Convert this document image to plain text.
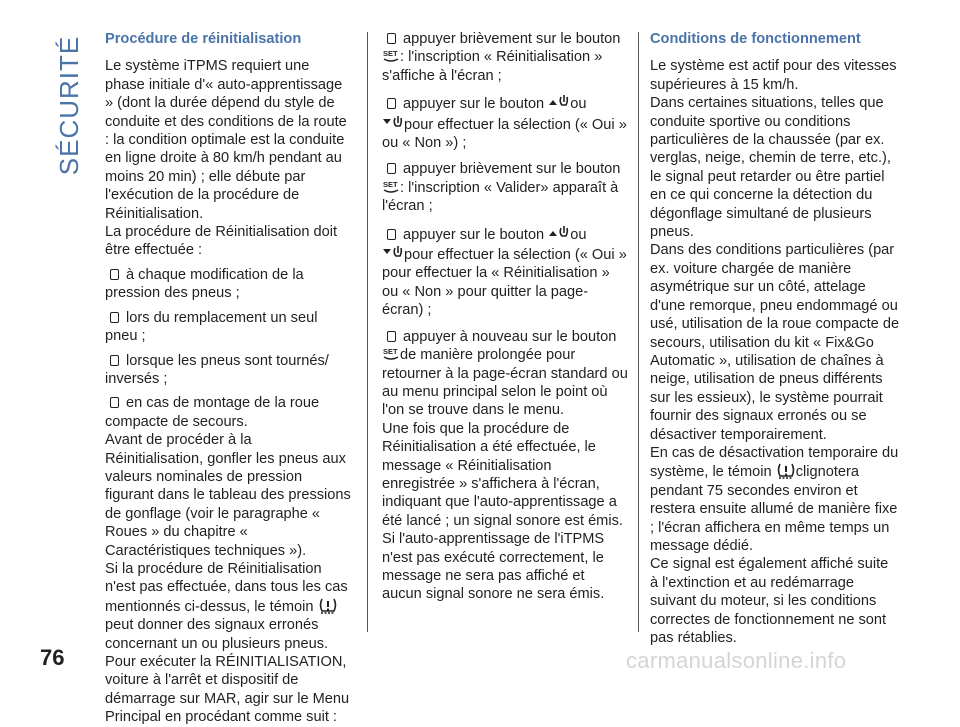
SÉCURITÉ Procédure de réinitialisation

Le système iTPMS requiert une phase initiale d'« auto-apprentissage » (dont la durée dépend du style de conduite et des conditions de la route : la condition optimale est la conduite en ligne droite à 80 km/h pendant au moins 20 min) ; elle débute par l'exécution de la procédure de Réinitialisation.

La procédure de Réinitialisation doit être effectuée :

à chaque modification de la pression des pneus ;

lors du remplacement un seul pneu ;

lorsque les pneus sont tournés/ inversés ;

en cas de montage de la roue compacte de secours.

Avant de procéder à la Réinitialisation, gonfler les pneus aux valeurs nominales de pression figurant dans le tableau des pressions de gonflage (voir le paragraphe « Roues » du chapitre « Caractéristiques techniques »).

Si la procédure de Réinitialisation n'est pas effectuée, dans tous les cas mentionnés ci-dessus, le témoin  peut donner des signaux erronés concernant un ou plusieurs pneus.

Pour exécuter la RÉINITIALISATION, voiture à l'arrêt et dispositif de démarrage sur MAR, agir sur le Menu Principal en procédant comme suit :

appuyer brièvement sur le bouton

SET : l'inscription « Réinitialisation » s'affiche à l'écran ;

appuyer sur le bouton ou
pour effectuer la sélection (« Oui » ou « Non ») ;

appuyer brièvement sur le bouton

SET : l'inscription « Valider» apparaît à l'écran ;

appuyer sur le bouton ou
pour effectuer la sélection (« Oui » pour effectuer la « Réinitialisation » ou « Non » pour quitter la page-écran) ;

appuyer à nouveau sur le bouton

SET de manière prolongée pour retourner à la page-écran standard ou au menu principal selon le point où l'on se trouve dans le menu.

Une fois que la procédure de Réinitialisation a été effectuée, le message « Réinitialisation enregistrée » s'affichera à l'écran, indiquant que l'auto-apprentissage a été lancé ; un signal sonore est émis.

Si l'auto-apprentissage de l'iTPMS n'est pas exécuté correctement, le message ne sera pas affiché et aucun signal sonore ne sera émis.

Conditions de fonctionnement

Le système est actif pour des vitesses supérieures à 15 km/h.

Dans certaines situations, telles que conduite sportive ou conditions particulières de la chaussée (par ex. verglas, neige, chemin de terre, etc.), le signal peut retarder ou être partiel en ce qui concerne la détection du dégonflage simultané de plusieurs pneus.

Dans des conditions particulières (par ex. voiture chargée de manière asymétrique sur un côté, attelage d'une remorque, pneu endommagé ou usé, utilisation de la roue compacte de secours, utilisation du kit « Fix&Go Automatic », utilisation de chaînes à neige, utilisation de pneus différents sur les essieux), le système pourrait fournir des signaux erronés ou se désactiver temporairement.

En cas de désactivation temporaire du système, le témoin clignotera pendant 75 secondes environ et restera ensuite allumé de manière fixe ; l'écran affichera en même temps un message dédié.

Ce signal est également affiché suite à l'extinction et au redémarrage suivant du moteur, si les conditions correctes de fonctionnement ne sont pas rétablies.

76	carmanualsonline.info
